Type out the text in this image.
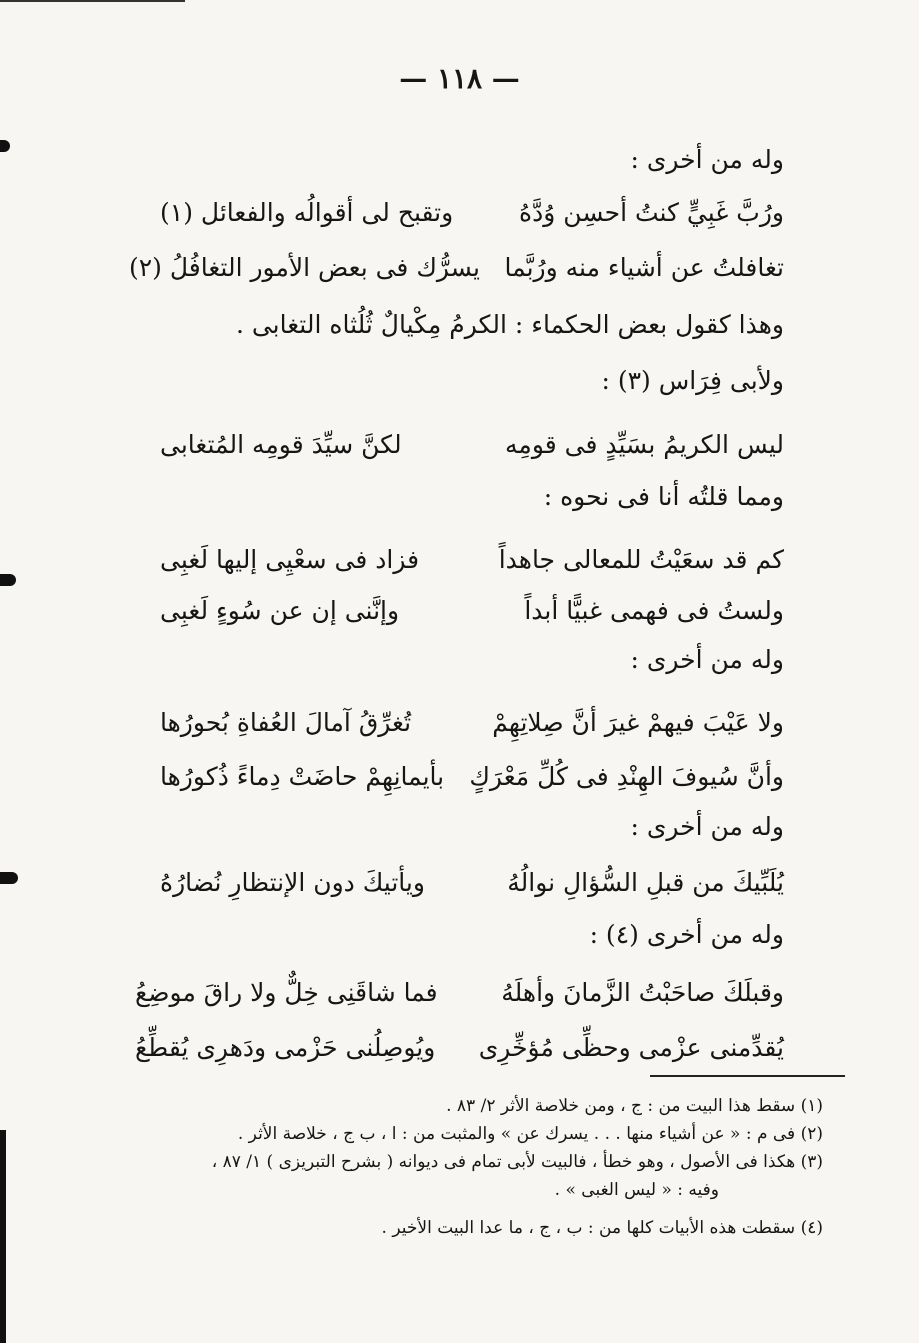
— ١١٨ —
وله من أخرى :
ورُبَّ غَبِيٍّ كنتُ أحسِن وُدَّهُ
وتقبح لى أقوالُه والفعائل (١)
تغافلتُ عن أشياء منه ورُبَّما
يسرُّك فى بعض الأمور التغافُلُ (٢)
وهذا كقول بعض الحكماء : الكرمُ مِكْيالٌ ثُلُثاه التغابى .
ولأبى فِرَاس (٣) :
ليس الكريمُ بسَيِّدٍ فى قومِه
لكنَّ سيِّدَ قومِه المُتغابى
ومما قلتُه أنا فى نحوه :
كم قد سعَيْتُ للمعالى جاهداً
فزاد فى سعْيِى إليها لَغبِى
ولستُ فى فهمى غبيًّا أبداً
وإنَّنى إن عن سُوءٍ لَغبِى
وله من أخرى :
ولا عَيْبَ فيهمْ غيرَ أنَّ صِلاتِهِمْ
تُغرِّقُ آمالَ العُفاةِ بُحورُها
وأنَّ سُيوفَ الهِنْدِ فى كُلِّ مَعْرَكٍ
بأيمانِهِمْ حاضَتْ دِماءً ذُكورُها
وله من أخرى :
يُلَبِّيكَ من قبلِ السُّؤالِ نوالُهُ
ويأتيكَ دون الإنتظارِ نُضارُهُ
وله من أخرى (٤) :
وقبلَكَ صاحَبْتُ الزَّمانَ وأهلَهُ
فما شاقَنِى خِلٌّ ولا راقَ موضِعُ
يُقدِّمنى عزْمى وحظِّى مُؤخِّرِى
ويُوصِلُنى حَزْمى ودَهرِى يُقطِّعُ
(١) سقط هذا البيت من : ج ، ومن خلاصة الأثر ٢/ ٨٣ .
(٢) فى م : « عن أشياء منها . . . يسرك عن » والمثبت من : ا ، ب ج ، خلاصة الأثر .
(٣) هكذا فى الأصول ، وهو خطأ ، فالبيت لأبى تمام فى ديوانه ( بشرح التبريزى ) ١/ ٨٧ ،
وفيه : « ليس الغبى » .
(٤) سقطت هذه الأبيات كلها من : ب ، ج ، ما عدا البيت الأخير .
